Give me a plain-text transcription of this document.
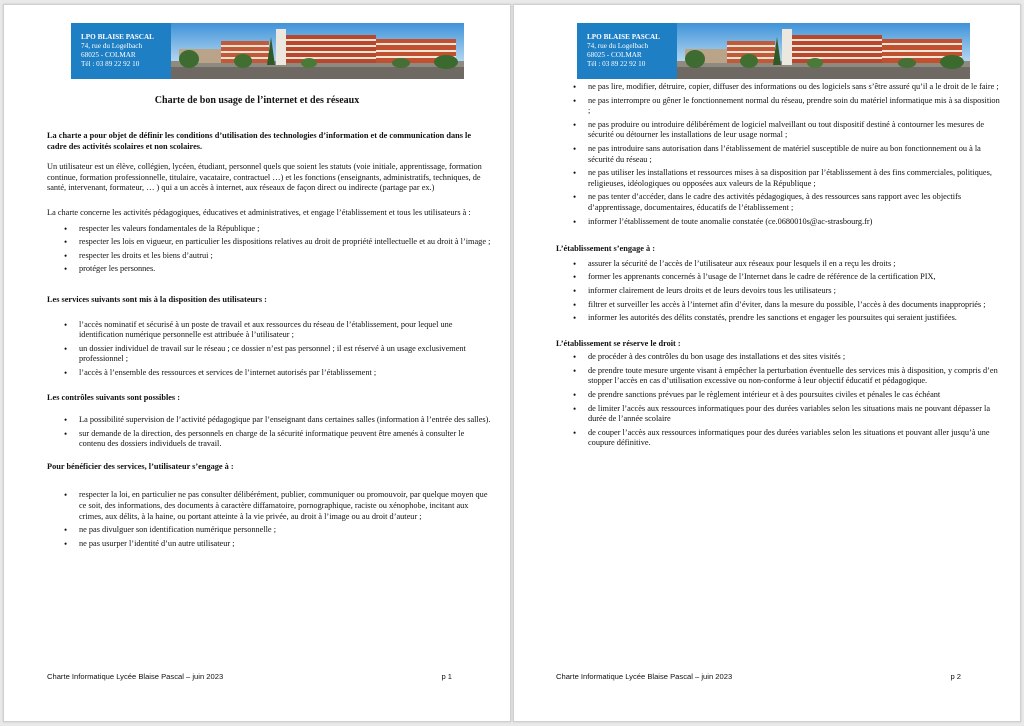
LPO BLAISE PASCAL
74, rue du Logelbach
68025 - COLMAR
Tél : 03 89 22 92 10
Charte de bon usage de l’internet et des réseaux

La charte a pour objet de définir les conditions d’utilisation des technologies d’information et de communication dans le cadre des activités scolaires et non scolaires.

Un utilisateur est un élève, collégien, lycéen, étudiant, personnel quels que soient les statuts (voie initiale, apprentissage, formation continue, formation professionnelle, titulaire, vacataire, contractuel …) et les fonctions (enseignants, administratifs, techniques, de santé, intervenant, formateur, … ) qui a un accès à internet, aux réseaux de façon direct ou indirecte (partage par ex.)

La charte concerne les activités pédagogiques, éducatives et administratives, et engage l’établissement et tous les utilisateurs à :

• respecter les valeurs fondamentales de la République ;
• respecter les lois en vigueur, en particulier les dispositions relatives au droit de propriété intellectuelle et au droit à l’image ;
• respecter les droits et les biens d’autrui ;
• protéger les personnes.

Les services suivants sont mis à la disposition des utilisateurs :

• l’accès nominatif et sécurisé à un poste de travail et aux ressources du réseau de l’établissement, pour lequel une identification numérique personnelle est attribuée à l’utilisateur ;
• un dossier individuel de travail sur le réseau ; ce dossier n’est pas personnel ; il est réservé à un usage exclusivement professionnel ;
• l’accès à l’ensemble des ressources et services de l’internet autorisés par l’établissement ;

Les contrôles suivants sont possibles :

• La possibilité supervision de l’activité pédagogique par l’enseignant dans certaines salles (information à l’entrée des salles).
• sur demande de la direction, des personnels en charge de la sécurité informatique peuvent être amenés à consulter le contenu des dossiers individuels de travail.

Pour bénéficier des services, l’utilisateur s’engage à :

• respecter la loi, en particulier ne pas consulter délibérément, publier, communiquer ou promouvoir, par quelque moyen que ce soit, des informations, des documents à caractère diffamatoire, pornographique, raciste ou xénophobe, incitant aux crimes, aux délits, à la haine, ou portant atteinte à la vie privée, au droit à l’image ou au droit d’auteur ;
• ne pas divulguer son identification numérique personnelle ;
• ne pas usurper l’identité d’un autre utilisateur ;
Charte Informatique Lycée Blaise Pascal – juin 2023	p 1
LPO BLAISE PASCAL
74, rue du Logelbach
68025 - COLMAR
Tél : 03 89 22 92 10
• ne pas lire, modifier, détruire, copier, diffuser des informations ou des logiciels sans s’être assuré qu’il a le droit de le faire ;
• ne pas interrompre ou gêner le fonctionnement normal du réseau, prendre soin du matériel informatique mis à sa disposition ;
• ne pas produire ou introduire délibérément de logiciel malveillant ou tout dispositif destiné à contourner les mesures de sécurité ou détourner les installations de leur usage normal ;
• ne pas introduire sans autorisation dans l’établissement de matériel susceptible de nuire au bon fonctionnement ou à la sécurité du réseau ;
• ne pas utiliser les installations et ressources mises à sa disposition par l’établissement à des fins commerciales, politiques, religieuses, idéologiques ou opposées aux valeurs de la République ;
• ne pas tenter d’accéder, dans le cadre des activités pédagogiques, à des ressources sans rapport avec les objectifs d’apprentissage, documentaires, éducatifs de l’établissement ;
• informer l’établissement de toute anomalie constatée (ce.0680010s@ac-strasbourg.fr)

L’établissement s’engage à :

• assurer la sécurité de l’accès de l’utilisateur aux réseaux pour lesquels il en a reçu les droits ;
• former les apprenants concernés à l’usage de l’Internet dans le cadre de référence de la certification PIX,
• informer clairement de leurs droits et de leurs devoirs tous les utilisateurs ;
• filtrer et surveiller les accès à l’internet afin d’éviter, dans la mesure du possible, l’accès à des documents inappropriés ;
• informer les autorités des délits constatés, prendre les sanctions et engager les poursuites qui seraient justifiées.

L’établissement se réserve le droit :

• de procéder à des contrôles du bon usage des installations et des sites visités ;
• de prendre toute mesure urgente visant à empêcher la perturbation éventuelle des services mis à disposition, y compris d’en stopper l’accès en cas d’utilisation excessive ou non-conforme à leur objectif éducatif et pédagogique.
• de prendre sanctions prévues par le règlement intérieur et à des poursuites civiles et pénales le cas échéant
• de limiter l’accès aux ressources informatiques pour des durées variables selon les situations mais ne pouvant dépasser la durée de l’année scolaire
• de couper l’accès aux ressources informatiques pour des durées variables selon les situations et pouvant aller jusqu’à une coupure définitive.
Charte Informatique Lycée Blaise Pascal – juin 2023	p 2
